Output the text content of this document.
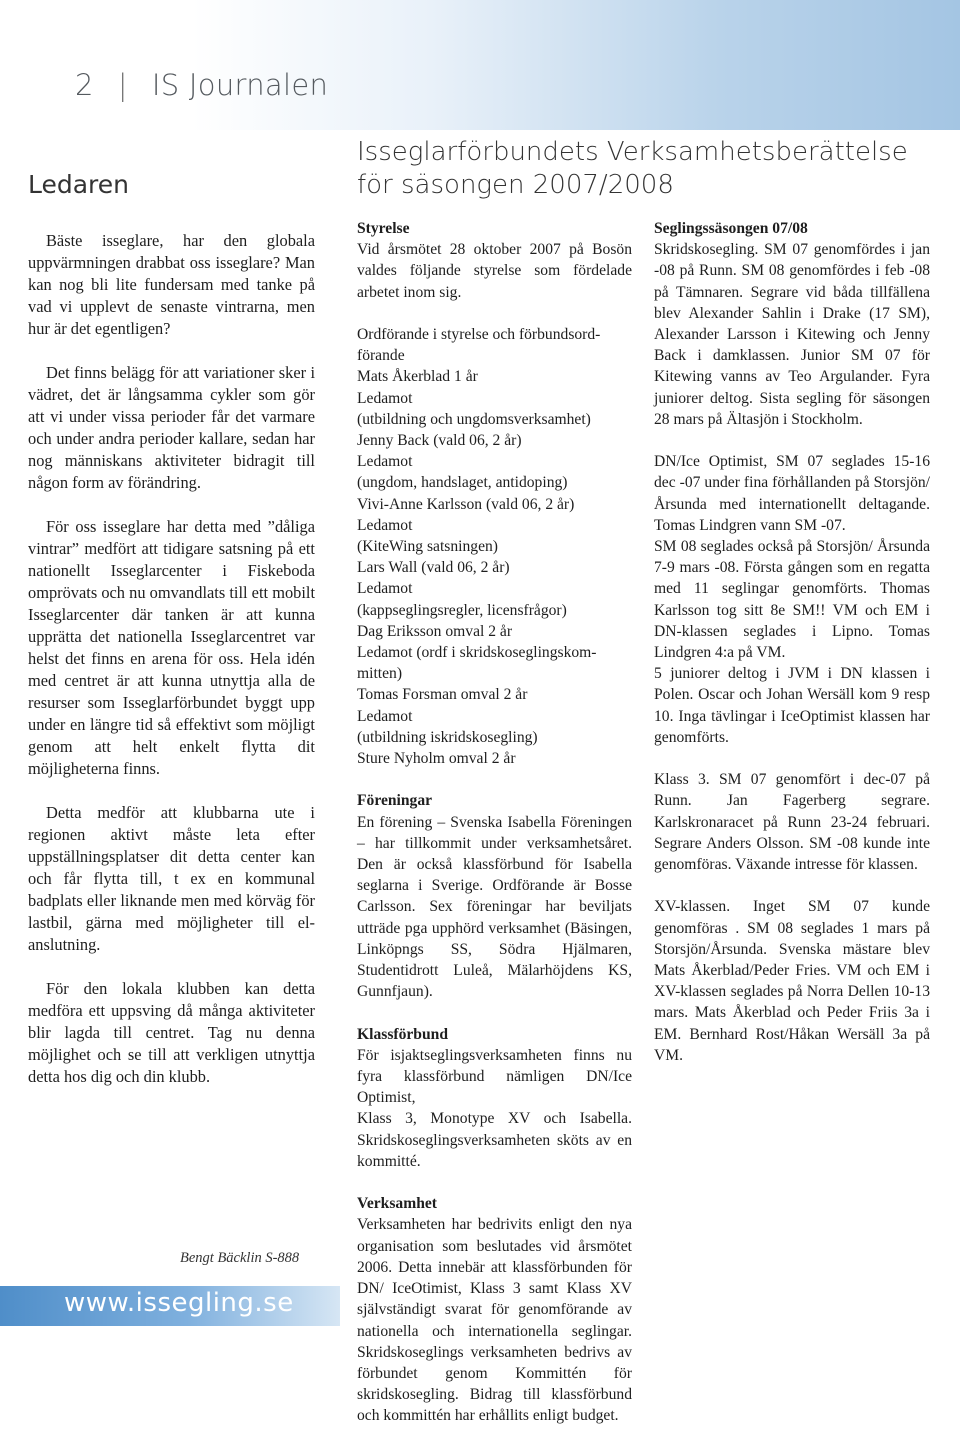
2 | IS Journalen
Isseglarförbundets Verksamhetsberättelse för säsongen 2007/2008
Ledaren

Bäste isseglare, har den globala uppvärmningen drabbat oss isseglare? Man kan nog bli lite fundersam med tanke på vad vi upplevt de senaste vintrarna, men hur är det egentligen?

Det finns belägg för att variationer sker i vädret, det är långsamma cykler som gör att vi under vissa perioder får det varmare och under andra perioder kallare, sedan har nog människans aktiviteter bidragit till någon form av förändring.

För oss isseglare har detta med ”dåliga vintrar” medfört att tidigare satsning på ett nationellt Isseglarcenter i Fiskeboda omprövats och nu omvandlats till ett mobilt Isseglarcenter där tanken är att kunna upprätta det nationella Isseglarcentret var helst det finns en arena för oss. Hela idén med centret är att kunna utnyttja alla de resurser som Isseglarförbundet byggt upp under en längre tid så effektivt som möjligt genom att helt enkelt flytta dit möjligheterna finns.

Detta medför att klubbarna ute i regionen aktivt måste leta efter uppställningsplatser dit detta center kan och får flytta till, t ex en kommunal badplats eller liknande men med körväg för lastbil, gärna med möjligheter till el-anslutning.

För den lokala klubben kan detta medföra ett uppsving då många aktiviteter blir lagda till centret. Tag nu denna möjlighet och se till att verkligen utnyttja detta hos dig och din klubb.

Bengt Bäcklin S-888
www.issegling.se
Styrelse

Vid årsmötet 28 oktober 2007 på Bosön valdes följande styrelse som fördelade arbetet inom sig.

Ordförande i styrelse och förbundsord-
förande
Mats Åkerblad 1 år
Ledamot
(utbildning och ungdomsverksamhet)
Jenny Back (vald 06, 2 år)
Ledamot
(ungdom, handslaget, antidoping)
Vivi-Anne Karlsson (vald 06, 2 år)
Ledamot
(KiteWing satsningen)
Lars Wall (vald 06, 2 år)
Ledamot
(kappseglingsregler, licensfrågor)
Dag Eriksson omval 2 år
Ledamot (ordf i skridskoseglingskom-
mitten)
Tomas Forsman omval 2 år
Ledamot
(utbildning iskridskosegling)
Sture Nyholm omval 2 år
Föreningar

En förening – Svenska Isabella Föreningen – har tillkommit under verksamhetsåret. Den är också klassförbund för Isabella seglarna i Sverige. Ordförande är Bosse Carlsson. Sex föreningar har beviljats utträde pga upphörd verksamhet (Bäsingen, Linköpngs SS, Södra Hjälmaren, Studentidrott Luleå, Mälarhöjdens KS, Gunnfjaun).

Klassförbund

För isjaktseglingsverksamheten finns nu fyra klassförbund nämligen DN/Ice Optimist,

Klass 3, Monotype XV och Isabella. Skridskoseglingsverksamheten sköts av en kommitté.

Verksamhet

Verksamheten har bedrivits enligt den nya organisation som beslutades vid årsmötet 2006. Detta innebär att klassförbunden för DN/ IceOtimist, Klass 3 samt Klass XV självständigt svarat för genomförande av nationella och internationella seglingar. Skridskoseglings verksamheten bedrivs av förbundet genom Kommittén för skridskosegling. Bidrag till klassförbund och kommittén har erhållits enligt budget.

Seglingssäsongen 07/08

Skridskosegling. SM 07 genomfördes i jan -08 på Runn. SM 08 genomfördes i feb -08 på Tämnaren. Segrare vid båda tillfällena blev Alexander Sahlin i Drake (17 SM), Alexander Larsson i Kitewing och Jenny Back i damklassen. Junior SM 07 för Kitewing vanns av Teo Argulander. Fyra juniorer deltog. Sista segling för säsongen 28 mars på Ältasjön i Stockholm.

DN/Ice Optimist, SM 07 seglades 15-16 dec -07 under fina förhållanden på Storsjön/Årsunda med internationellt deltagande. Tomas Lindgren vann SM -07.

SM 08 seglades också på Storsjön/ Årsunda 7-9 mars -08. Första gången som en regatta med 11 seglingar genomförts. Thomas Karlsson tog sitt 8e SM!! VM och EM i DN-klassen seglades i Lipno. Tomas Lindgren 4:a på VM.

5 juniorer deltog i JVM i DN klassen i Polen. Oscar och Johan Wersäll kom 9 resp 10. Inga tävlingar i IceOptimist klassen har genomförts.

Klass 3. SM 07 genomfört i dec-07 på Runn. Jan Fagerberg segrare. Karlskronaracet på Runn 23-24 februari. Segrare Anders Olsson. SM -08 kunde inte genomföras. Växande intresse för klassen.

XV-klassen. Inget SM 07 kunde genomföras . SM 08 seglades 1 mars på Storsjön/Årsunda. Svenska mästare blev Mats Åkerblad/Peder Fries. VM och EM i XV-klassen seglades på Norra Dellen 10-13 mars. Mats Åkerblad och Peder Friis 3a i EM. Bernhard Rost/Håkan Wersäll 3a på VM.
